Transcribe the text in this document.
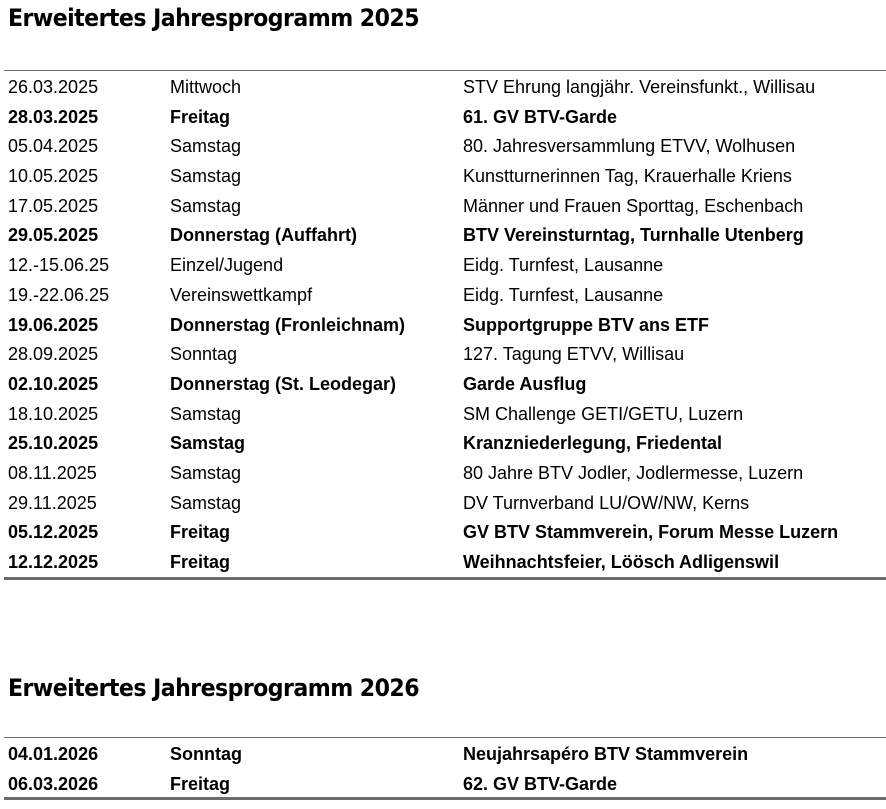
Erweitertes Jahresprogramm 2025
26.03.2025	Mittwoch	STV Ehrung langjähr. Vereinsfunkt., Willisau
28.03.2025	Freitag	61. GV BTV-Garde
05.04.2025	Samstag	80. Jahresversammlung ETVV, Wolhusen
10.05.2025	Samstag	Kunstturnerinnen Tag, Krauerhalle Kriens
17.05.2025	Samstag	Männer und Frauen Sporttag, Eschenbach
29.05.2025	Donnerstag (Auffahrt)	BTV Vereinsturntag, Turnhalle Utenberg
12.-15.06.25	Einzel/Jugend	Eidg. Turnfest, Lausanne
19.-22.06.25	Vereinswettkampf	Eidg. Turnfest, Lausanne
19.06.2025	Donnerstag (Fronleichnam)	Supportgruppe BTV ans ETF
28.09.2025	Sonntag	127. Tagung ETVV, Willisau
02.10.2025	Donnerstag (St. Leodegar)	Garde Ausflug
18.10.2025	Samstag	SM Challenge GETI/GETU, Luzern
25.10.2025	Samstag	Kranzniederlegung, Friedental
08.11.2025	Samstag	80 Jahre BTV Jodler, Jodlermesse, Luzern
29.11.2025	Samstag	DV Turnverband LU/OW/NW, Kerns
05.12.2025	Freitag	GV BTV Stammverein, Forum Messe Luzern
12.12.2025	Freitag	Weihnachtsfeier, Löösch Adligenswil
Erweitertes Jahresprogramm 2026
04.01.2026	Sonntag	Neujahrsapéro BTV Stammverein
06.03.2026	Freitag	62. GV BTV-Garde
